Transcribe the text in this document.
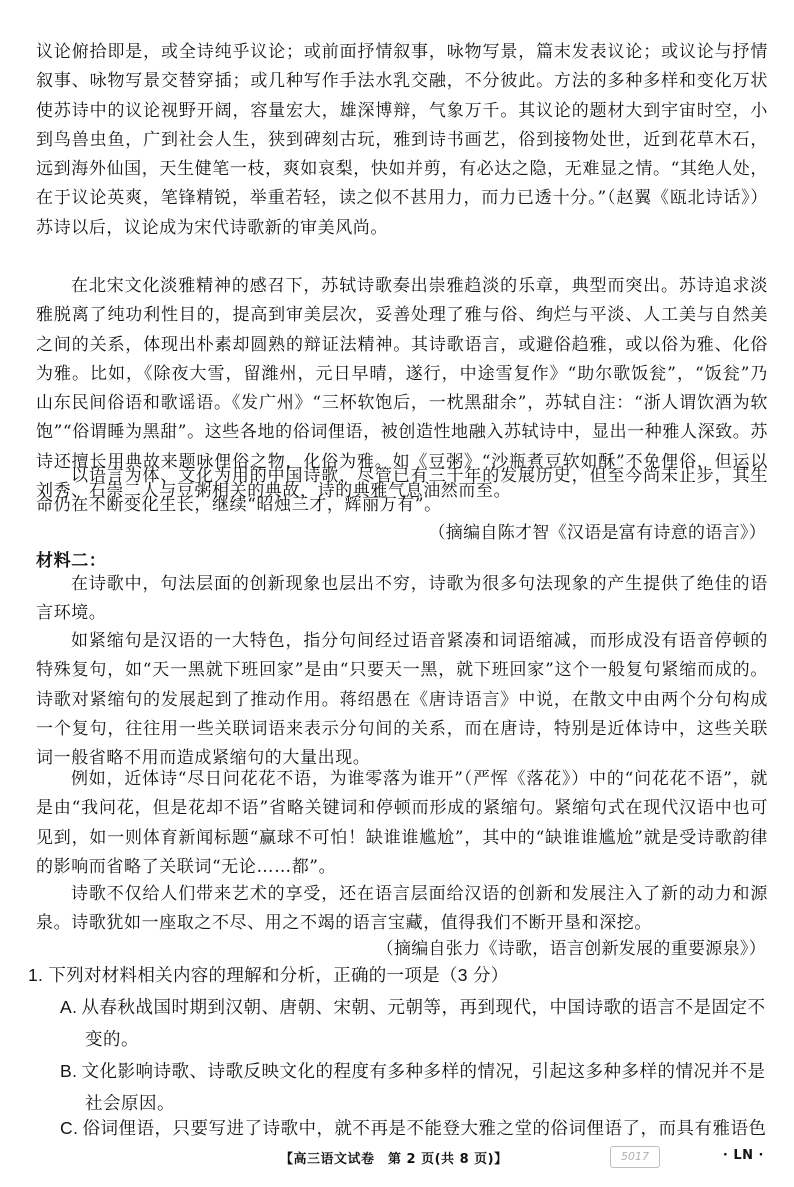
议论俯拾即是，或全诗纯乎议论；或前面抒情叙事，咏物写景，篇末发表议论；或议论与抒情叙事、咏物写景交替穿插；或几种写作手法水乳交融，不分彼此。方法的多种多样和变化万状使苏诗中的议论视野开阔，容量宏大，雄深博辩，气象万千。其议论的题材大到宇宙时空，小到鸟兽虫鱼，广到社会人生，狭到碑刻古玩，雅到诗书画艺，俗到接物处世，近到花草木石，远到海外仙国，天生健笔一枝，爽如哀梨，快如并剪，有必达之隐，无难显之情。“其绝人处，在于议论英爽，笔锋精锐，举重若轻，读之似不甚用力，而力已透十分。”（赵翼《瓯北诗话》）苏诗以后，议论成为宋代诗歌新的审美风尚。

在北宋文化淡雅精神的感召下，苏轼诗歌奏出崇雅趋淡的乐章，典型而突出。苏诗追求淡雅脱离了纯功利性目的，提高到审美层次，妥善处理了雅与俗、绚烂与平淡、人工美与自然美之间的关系，体现出朴素却圆熟的辩证法精神。其诗歌语言，或避俗趋雅，或以俗为雅、化俗为雅。比如，《除夜大雪，留潍州，元日早晴，遂行，中途雪复作》“助尔歌饭瓮”，“饭瓮”乃山东民间俗语和歌谣语。《发广州》“三杯软饱后，一枕黑甜余”，苏轼自注：“浙人谓饮酒为软饱”“俗谓睡为黑甜”。这些各地的俗词俚语，被创造性地融入苏轼诗中，显出一种雅人深致。苏诗还擅长用典故来题咏俚俗之物，化俗为雅。如《豆粥》“沙瓶煮豆软如酥”不免俚俗，但运以刘秀、石崇二人与豆粥相关的典故，诗的典雅气息油然而至。

以语言为体、文化为用的中国诗歌，尽管已有三千年的发展历史，但至今尚未止步，其生命仍在不断变化生长，继续“昭烛三才，辉丽万有”。

（摘编自陈才智《汉语是富有诗意的语言》）
材料二：

在诗歌中，句法层面的创新现象也层出不穷，诗歌为很多句法现象的产生提供了绝佳的语言环境。

如紧缩句是汉语的一大特色，指分句间经过语音紧凑和词语缩减，而形成没有语音停顿的特殊复句，如“天一黑就下班回家”是由“只要天一黑，就下班回家”这个一般复句紧缩而成的。诗歌对紧缩句的发展起到了推动作用。蒋绍愚在《唐诗语言》中说，在散文中由两个分句构成一个复句，往往用一些关联词语来表示分句间的关系，而在唐诗，特别是近体诗中，这些关联词一般省略不用而造成紧缩句的大量出现。

例如，近体诗“尽日问花花不语，为谁零落为谁开”（严恽《落花》）中的“问花花不语”，就是由“我问花，但是花却不语”省略关键词和停顿而形成的紧缩句。紧缩句式在现代汉语中也可见到，如一则体育新闻标题“赢球不可怕！缺谁谁尴尬”，其中的“缺谁谁尴尬”就是受诗歌韵律的影响而省略了关联词“无论……都”。

诗歌不仅给人们带来艺术的享受，还在语言层面给汉语的创新和发展注入了新的动力和源泉。诗歌犹如一座取之不尽、用之不竭的语言宝藏，值得我们不断开垦和深挖。

（摘编自张力《诗歌，语言创新发展的重要源泉》）
1. 下列对材料相关内容的理解和分析，正确的一项是（3 分）
A. 从春秋战国时期到汉朝、唐朝、宋朝、元朝等，再到现代，中国诗歌的语言不是固定不
变的。
B. 文化影响诗歌、诗歌反映文化的程度有多种多样的情况，引起这多种多样的情况并不是
社会原因。
C. 俗词俚语，只要写进了诗歌中，就不再是不能登大雅之堂的俗词俚语了，而具有雅语色
【高三语文试卷　第 2 页(共 8 页)】	5017	· LN ·
